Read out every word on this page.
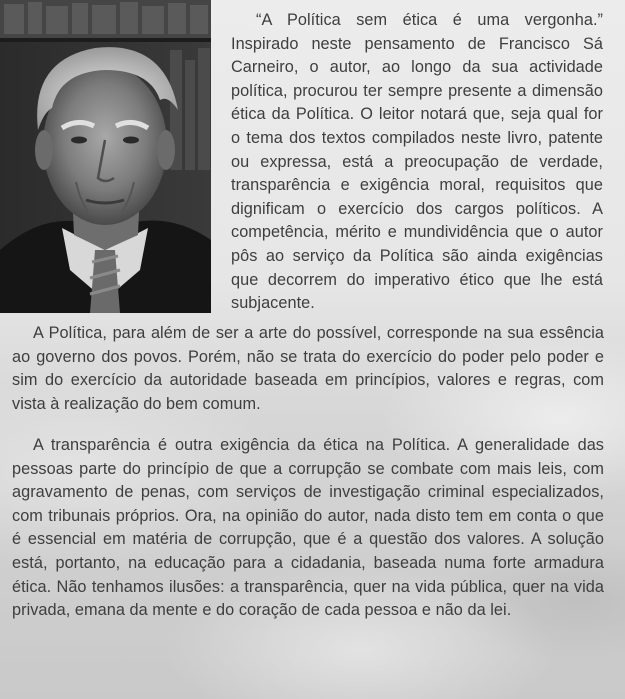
“A Política sem ética é uma vergonha.” Inspirado neste pensamento de Francisco Sá Carneiro, o autor, ao longo da sua actividade política, procurou ter sempre presente a dimensão ética da Política. O leitor notará que, seja qual for o tema dos textos compilados neste livro, patente ou expressa, está a preocupação de verdade, transparência e exigência moral, requisitos que dignificam o exercício dos cargos políticos. A competência, mérito e mundividência que o autor pôs ao serviço da Política são ainda exigências que decorrem do imperativo ético que lhe está subjacente.

A Política, para além de ser a arte do possível, corresponde na sua essência ao governo dos povos. Porém, não se trata do exercício do poder pelo poder e sim do exercício da autoridade baseada em princípios, valores e regras, com vista à realização do bem comum.

A transparência é outra exigência da ética na Política. A generalidade das pessoas parte do princípio de que a corrupção se combate com mais leis, com agravamento de penas, com serviços de investigação criminal especializados, com tribunais próprios. Ora, na opinião do autor, nada disto tem em conta o que é essencial em matéria de corrupção, que é a questão dos valores. A solução está, portanto, na educação para a cidadania, baseada numa forte armadura ética. Não tenhamos ilusões: a transparência, quer na vida pública, quer na vida privada, emana da mente e do coração de cada pessoa e não da lei.
